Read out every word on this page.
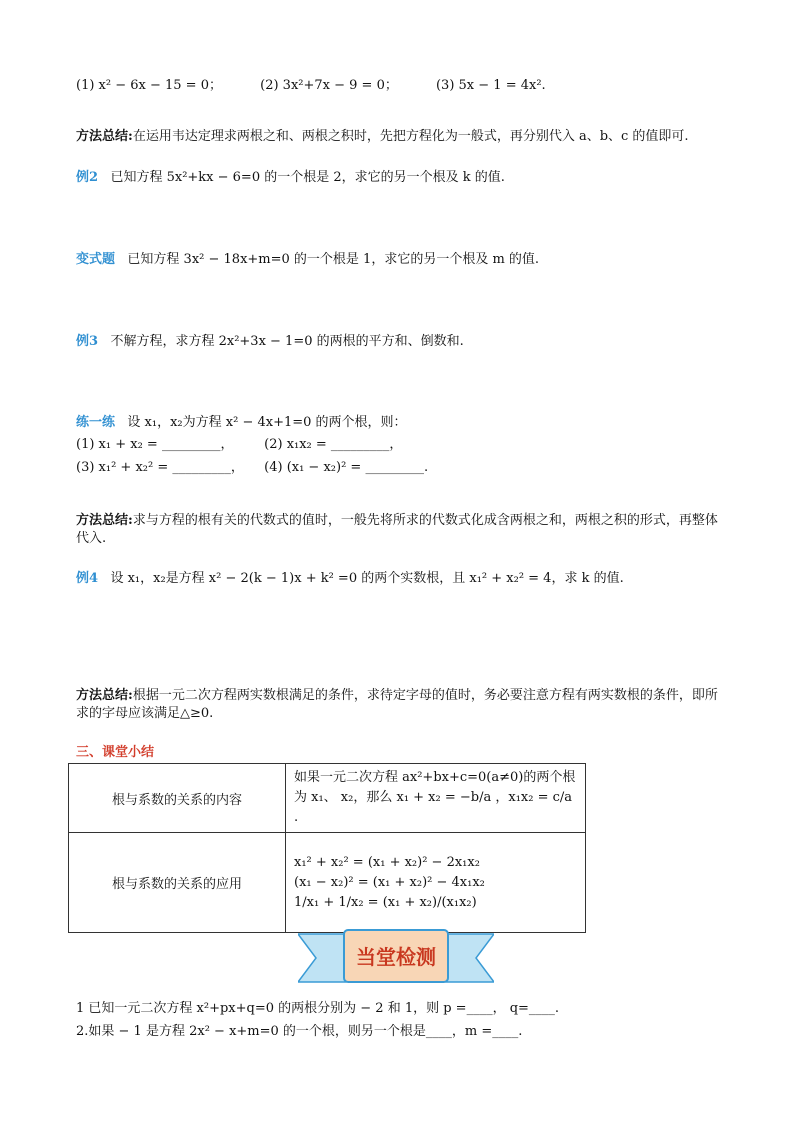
(1) x² − 6x − 15 = 0；	(2) 3x²+7x − 9 = 0；	(3) 5x − 1 = 4x².
方法总结:在运用韦达定理求两根之和、两根之积时，先把方程化为一般式，再分别代入 a、b、c 的值即可.
例2 已知方程 5x²+kx − 6=0 的一个根是 2，求它的另一个根及 k 的值.
变式题 已知方程 3x² − 18x+m=0 的一个根是 1，求它的另一个根及 m 的值.
例3 不解方程，求方程 2x²+3x − 1=0 的两根的平方和、倒数和.
练一练 设 x₁，x₂为方程 x² − 4x+1=0 的两个根，则：
(1) x₁ + x₂ = _________， (2) x₁x₂ = _________，
(3) x₁² + x₂² = _________， (4) (x₁ − x₂)² = _________.
方法总结:求与方程的根有关的代数式的值时，一般先将所求的代数式化成含两根之和，两根之积的形式，再整体代入.
例4 设 x₁，x₂是方程 x² − 2(k − 1)x + k² =0 的两个实数根，且 x₁² + x₂² = 4，求 k 的值.
方法总结:根据一元二次方程两实数根满足的条件，求待定字母的值时，务必要注意方程有两实数根的条件，即所求的字母应该满足△≥0.
三、课堂小结
根与系数的关系的内容	如果一元二次方程 ax²+bx+c=0(a≠0)的两个根
为 x₁、 x₂，那么 x₁ + x₂ = −b/a ，x₁x₂ = c/a .

根与系数的关系的应用	x₁² + x₂² = (x₁ + x₂)² − 2x₁x₂
(x₁ − x₂)² = (x₁ + x₂)² − 4x₁x₂
1/x₁ + 1/x₂ = (x₁ + x₂)/(x₁x₂)
当堂检测
1 已知一元二次方程 x²+px+q=0 的两根分别为 − 2 和 1，则 p =____， q=____.
2.如果 − 1 是方程 2x² − x+m=0 的一个根，则另一个根是____，m =____.
